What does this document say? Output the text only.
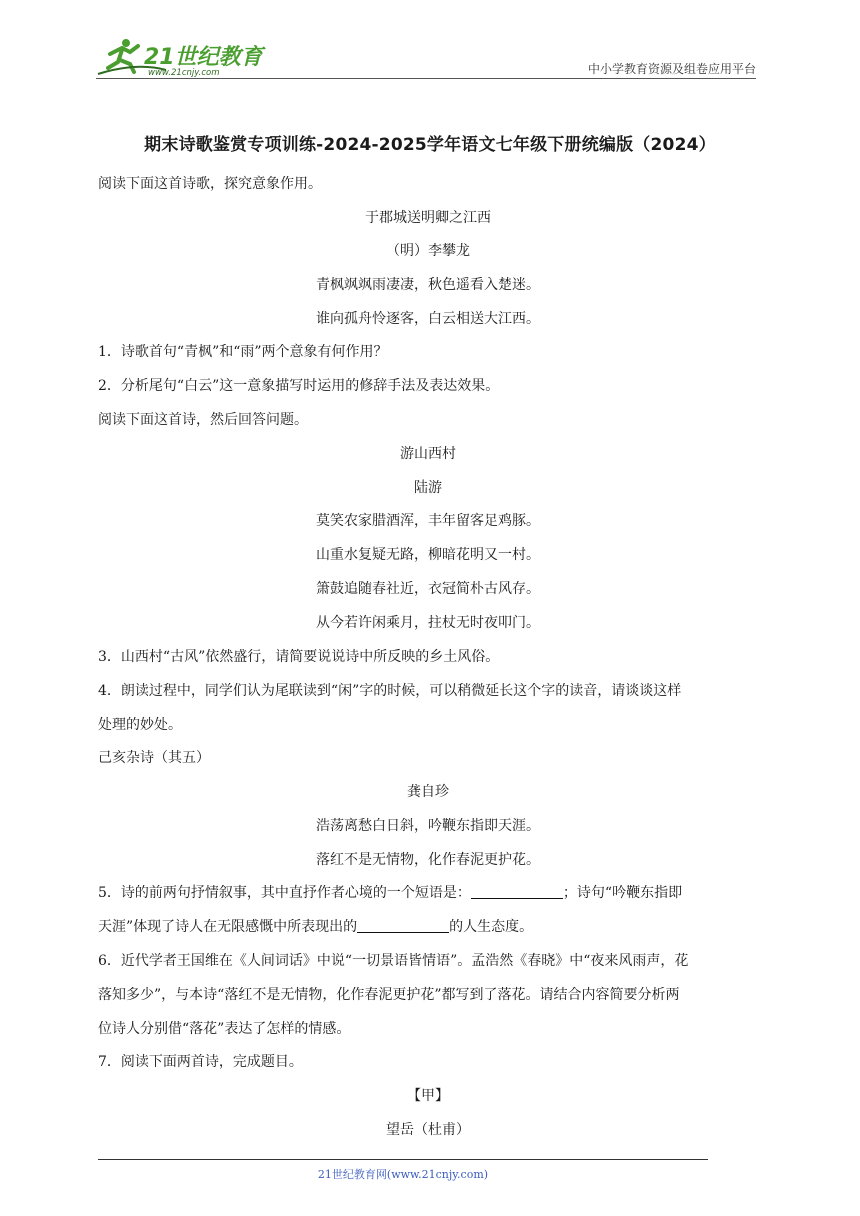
21世纪教育
www.21cnjy.com	中小学教育资源及组卷应用平台
期末诗歌鉴赏专项训练-2024-2025学年语文七年级下册统编版（2024）
阅读下面这首诗歌，探究意象作用。
于郡城送明卿之江西
（明）李攀龙
青枫飒飒雨凄凄，秋色遥看入楚迷。
谁向孤舟怜逐客，白云相送大江西。
1．诗歌首句“青枫”和“雨”两个意象有何作用？
2．分析尾句“白云”这一意象描写时运用的修辞手法及表达效果。
阅读下面这首诗，然后回答问题。
游山西村
陆游
莫笑农家腊酒浑，丰年留客足鸡豚。
山重水复疑无路，柳暗花明又一村。
箫鼓追随春社近，衣冠简朴古风存。
从今若许闲乘月，拄杖无时夜叩门。
3．山西村“古风”依然盛行，请简要说说诗中所反映的乡土风俗。
4．朗读过程中，同学们认为尾联读到“闲”字的时候，可以稍微延长这个字的读音，请谈谈这样
处理的妙处。
己亥杂诗（其五）
龚自珍
浩荡离愁白日斜，吟鞭东指即天涯。
落红不是无情物，化作春泥更护花。
5．诗的前两句抒情叙事，其中直抒作者心境的一个短语是：	；诗句“吟鞭东指即
天涯”体现了诗人在无限感慨中所表现出的	的人生态度。
6．近代学者王国维在《人间词话》中说“一切景语皆情语”。孟浩然《春晓》中“夜来风雨声，花
落知多少”，与本诗“落红不是无情物，化作春泥更护花”都写到了落花。请结合内容简要分析两
位诗人分别借“落花”表达了怎样的情感。
7．阅读下面两首诗，完成题目。
【甲】
望岳（杜甫）
21世纪教育网(www.21cnjy.com)
